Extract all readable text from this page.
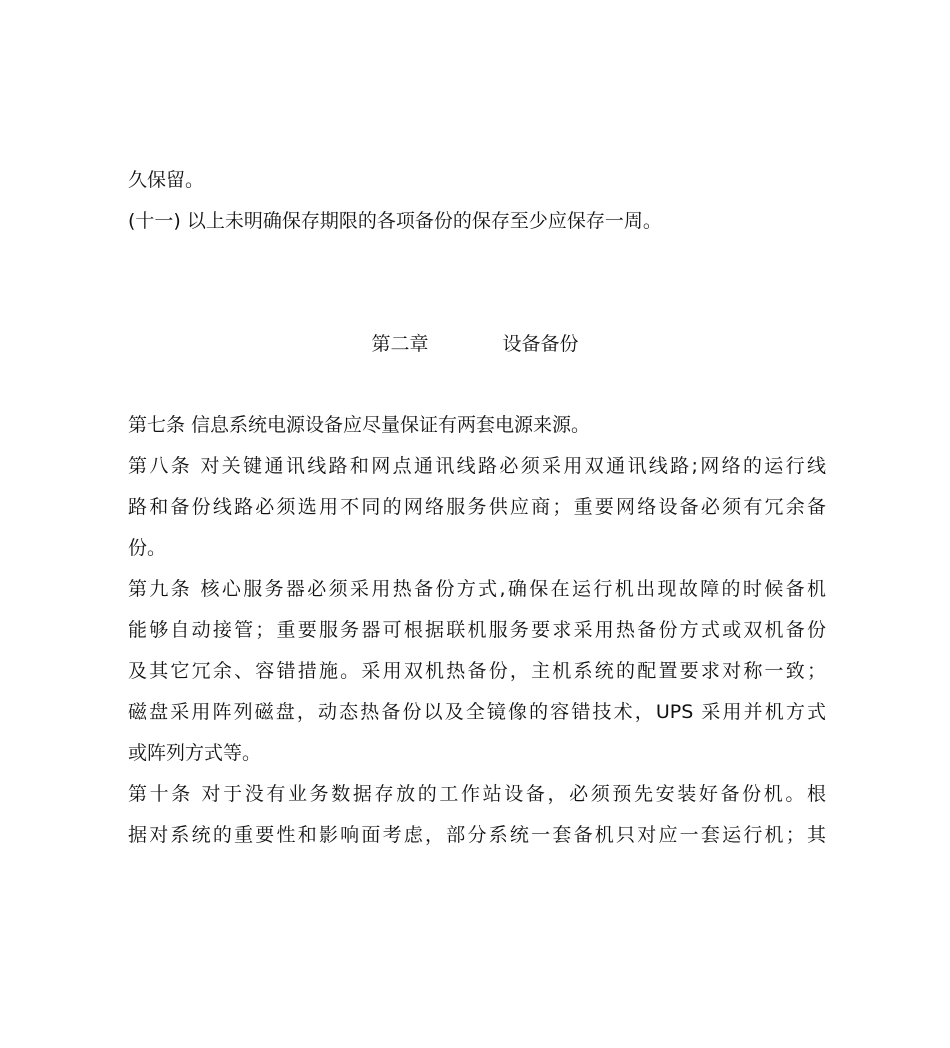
久保留。
(十一) 以上未明确保存期限的各项备份的保存至少应保存一周。
第二章	设备备份
第七条 信息系统电源设备应尽量保证有两套电源来源。
第八条 对关键通讯线路和网点通讯线路必须采用双通讯线路;网络的运行线
路和备份线路必须选用不同的网络服务供应商；重要网络设备必须有冗余备
份。
第九条 核心服务器必须采用热备份方式,确保在运行机出现故障的时候备机
能够自动接管；重要服务器可根据联机服务要求采用热备份方式或双机备份
及其它冗余、容错措施。采用双机热备份，主机系统的配置要求对称一致；
磁盘采用阵列磁盘，动态热备份以及全镜像的容错技术，UPS 采用并机方式
或阵列方式等。
第十条 对于没有业务数据存放的工作站设备，必须预先安装好备份机。根
据对系统的重要性和影响面考虑，部分系统一套备机只对应一套运行机；其
